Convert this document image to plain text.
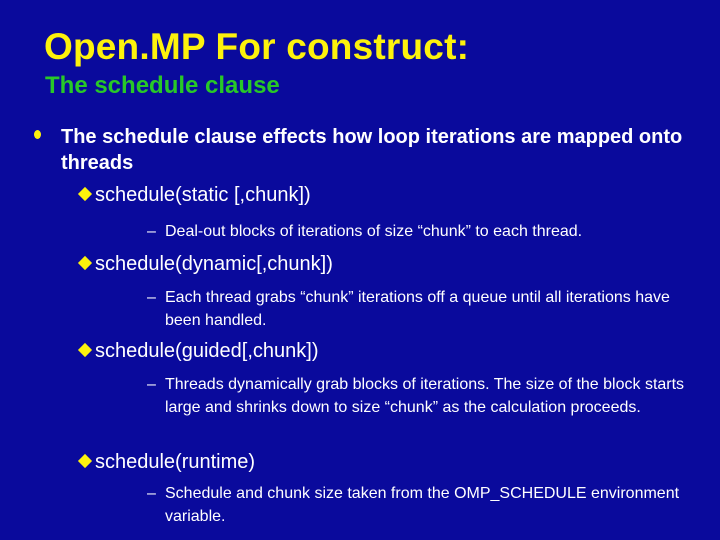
Open.MP For construct:
The schedule clause
The schedule clause effects how loop iterations are mapped onto threads
schedule(static [,chunk])
– Deal-out blocks of iterations of size “chunk” to each thread.
schedule(dynamic[,chunk])
– Each thread grabs “chunk” iterations off a queue until all iterations have been handled.
schedule(guided[,chunk])
– Threads dynamically grab blocks of iterations. The size of the block starts large and shrinks down to size “chunk” as the calculation proceeds.
schedule(runtime)
– Schedule and chunk size taken from the OMP_SCHEDULE environment variable.
